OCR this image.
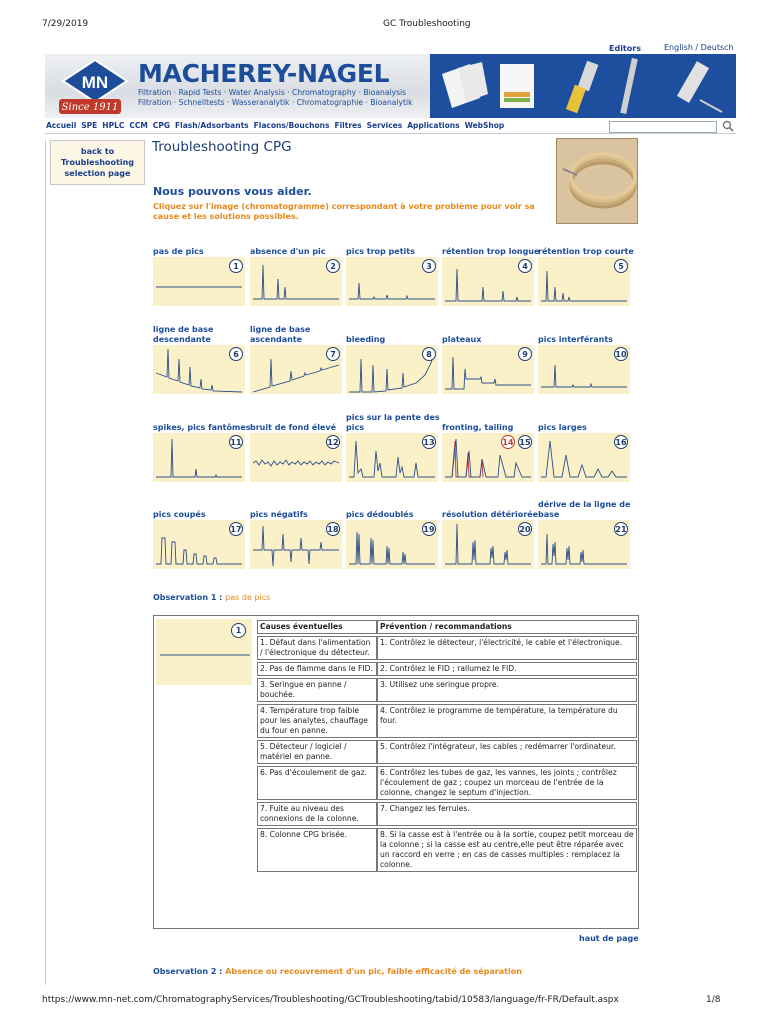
7/29/2019	GC Troubleshooting
Editors	English / Deutsch
MN
Since 1911
MACHEREY-NAGEL
Filtration · Rapid Tests · Water Analysis · Chromatography · Bioanalysis
Filtration · Schnelltests · Wasseranalytik · Chromatographie · Bioanalytik
Accueil SPE HPLC CCM CPG Flash/Adsorbants Flacons/Bouchons Filtres Services Applications WebShop
back to Troubleshooting selection page
Troubleshooting CPG
Nous pouvons vous aider.
Cliquez sur l'image (chromatogramme) correspondant à votre problème pour voir sa cause et les solutions possibles.
pas de pics
1
absence d'un pic
2
pics trop petits
3
rétention trop longue
4
rétention trop courte
5
ligne de base descendante
6
ligne de base ascendante
7
bleeding
8
plateaux
9
pics interférants
10
spikes, pics fantômes
11
bruit de fond élevé
12
pics sur la pente des pics
13
fronting, tailing
15
14
pics larges
16
pics coupés
17
pics négatifs
18
pics dédoublés
19
résolution détériorée
20
dérive de la ligne de base
21
Observation 1 : pas de pics
1	Causes éventuelles	Prévention / recommandations
1. Défaut dans l'alimentation / l'électronique du détecteur.	1. Contrôlez le détecteur, l'électricité, le cable et l'électronique.
2. Pas de flamme dans le FID.	2. Contrôlez le FID ; rallumez le FID.
3. Seringue en panne / bouchée.	3. Utilisez une seringue propre.
4. Température trop faible pour les analytes, chauffage du four en panne.	4. Contrôlez le programme de température, la température du four.
5. Détecteur / logiciel / matériel en panne.	5. Contrôlez l'intégrateur, les cables ; redémarrer l'ordinateur.
6. Pas d'écoulement de gaz.	6. Contrôlez les tubes de gaz, les vannes, les joints ; contrôlez l'écoulement de gaz ; coupez un morceau de l'entrée de la colonne, changez le septum d'injection.
7. Fuite au niveau des connexions de la colonne.	7. Changez les ferrules.
8. Colonne CPG brisée.	8. Si la casse est à l'entrée ou à la sortie, coupez petit morceau de la colonne ; si la casse est au centre,elle peut être réparée avec un raccord en verre ; en cas de casses multiples : remplacez la colonne.
haut de page
Observation 2 : Absence ou recouvrement d'un pic, faible efficacité de séparation
https://www.mn-net.com/ChromatographyServices/Troubleshooting/GCTroubleshooting/tabid/10583/language/fr-FR/Default.aspx	1/8
